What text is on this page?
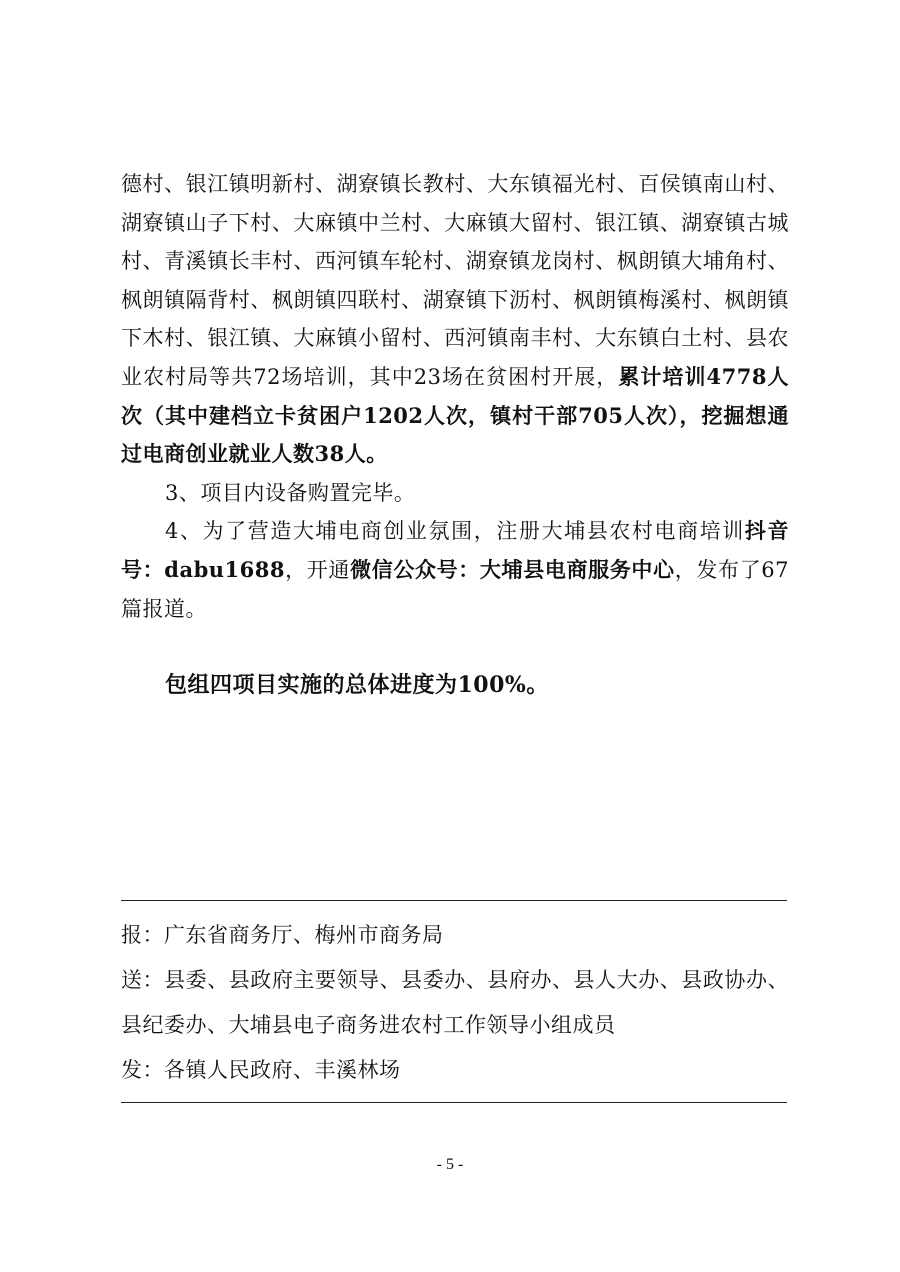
德村、银江镇明新村、湖寮镇长教村、大东镇福光村、百侯镇南山村、湖寮镇山子下村、大麻镇中兰村、大麻镇大留村、银江镇、湖寮镇古城村、青溪镇长丰村、西河镇车轮村、湖寮镇龙岗村、枫朗镇大埔角村、枫朗镇隔背村、枫朗镇四联村、湖寮镇下沥村、枫朗镇梅溪村、枫朗镇下木村、银江镇、大麻镇小留村、西河镇南丰村、大东镇白土村、县农业农村局等共72场培训，其中23场在贫困村开展，累计培训4778人次（其中建档立卡贫困户1202人次，镇村干部705人次），挖掘想通过电商创业就业人数38人。

3、项目内设备购置完毕。

4、为了营造大埔电商创业氛围，注册大埔县农村电商培训抖音号：dabu1688，开通微信公众号：大埔县电商服务中心，发布了67篇报道。

包组四项目实施的总体进度为100%。

报：广东省商务厅、梅州市商务局

送：县委、县政府主要领导、县委办、县府办、县人大办、县政协办、县纪委办、大埔县电子商务进农村工作领导小组成员

发：各镇人民政府、丰溪林场

- 5 -
